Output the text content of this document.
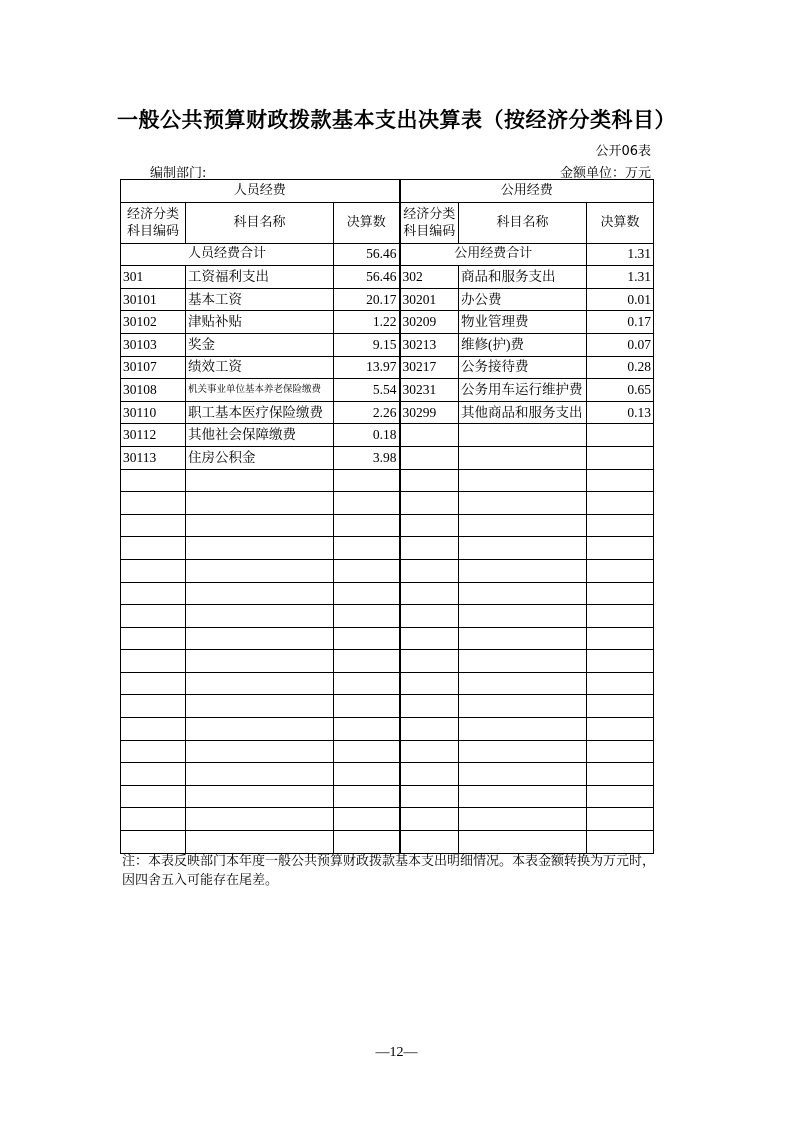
一般公共预算财政拨款基本支出决算表（按经济分类科目）
公开06表
编制部门:	金额单位：万元
人员经费			公用经费		
经济分类科目编码	科目名称	决算数	经济分类科目编码	科目名称	决算数
人员经费合计		56.46	公用经费合计		1.31
301	工资福利支出	56.46	302	商品和服务支出	1.31
30101	基本工资	20.17	30201	办公费	0.01
30102	津贴补贴	1.22	30209	物业管理费	0.17
30103	奖金	9.15	30213	维修(护)费	0.07
30107	绩效工资	13.97	30217	公务接待费	0.28
30108	机关事业单位基本养老保险缴费	5.54	30231	公务用车运行维护费	0.65
30110	职工基本医疗保险缴费	2.26	30299	其他商品和服务支出	0.13
30112	其他社会保障缴费	0.18			
30113	住房公积金	3.98			

注：本表反映部门本年度一般公共预算财政拨款基本支出明细情况。本表金额转换为万元时，因四舍五入可能存在尾差。
—12—
